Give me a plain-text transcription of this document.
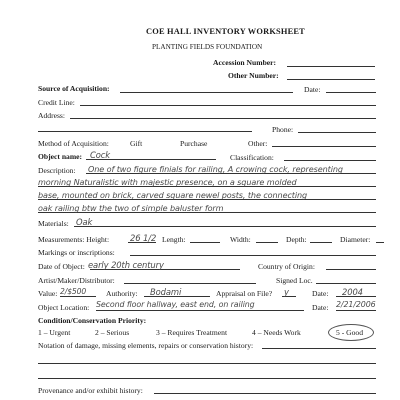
COE HALL INVENTORY WORKSHEET
PLANTING FIELDS FOUNDATION
Accession Number:
Other Number:
Source of Acquisition:	Date:
Credit Line:
Address:
Phone:
Method of Acquisition:	Gift	Purchase	Other:
Object name: Cock	Classification:
Description: One of two figure finials for railing, A crowing cock, representing
morning Naturalistic with majestic presence, on a square molded
base, mounted on brick, carved square newel posts, the connecting
oak railing btw the two of simple baluster form
Materials: Oak
Measurements: Height: 26 1/2 Length:	Width:	Depth:	Diameter:
Markings or inscriptions:
Date of Object: early 20th century	Country of Origin:
Artist/Maker/Distributor:	Signed Loc.
Value: 2/$500	Authority: Bodami	Appraisal on File? y	Date: 2004
Object Location: Second floor hallway, east end, on railing	Date: 2/21/2006
Condition/Conservation Priority:
1 – Urgent	2 – Serious	3 – Requires Treatment	4 – Needs Work	5 - Good
Notation of damage, missing elements, repairs or conservation history:
Provenance and/or exhibit history:
